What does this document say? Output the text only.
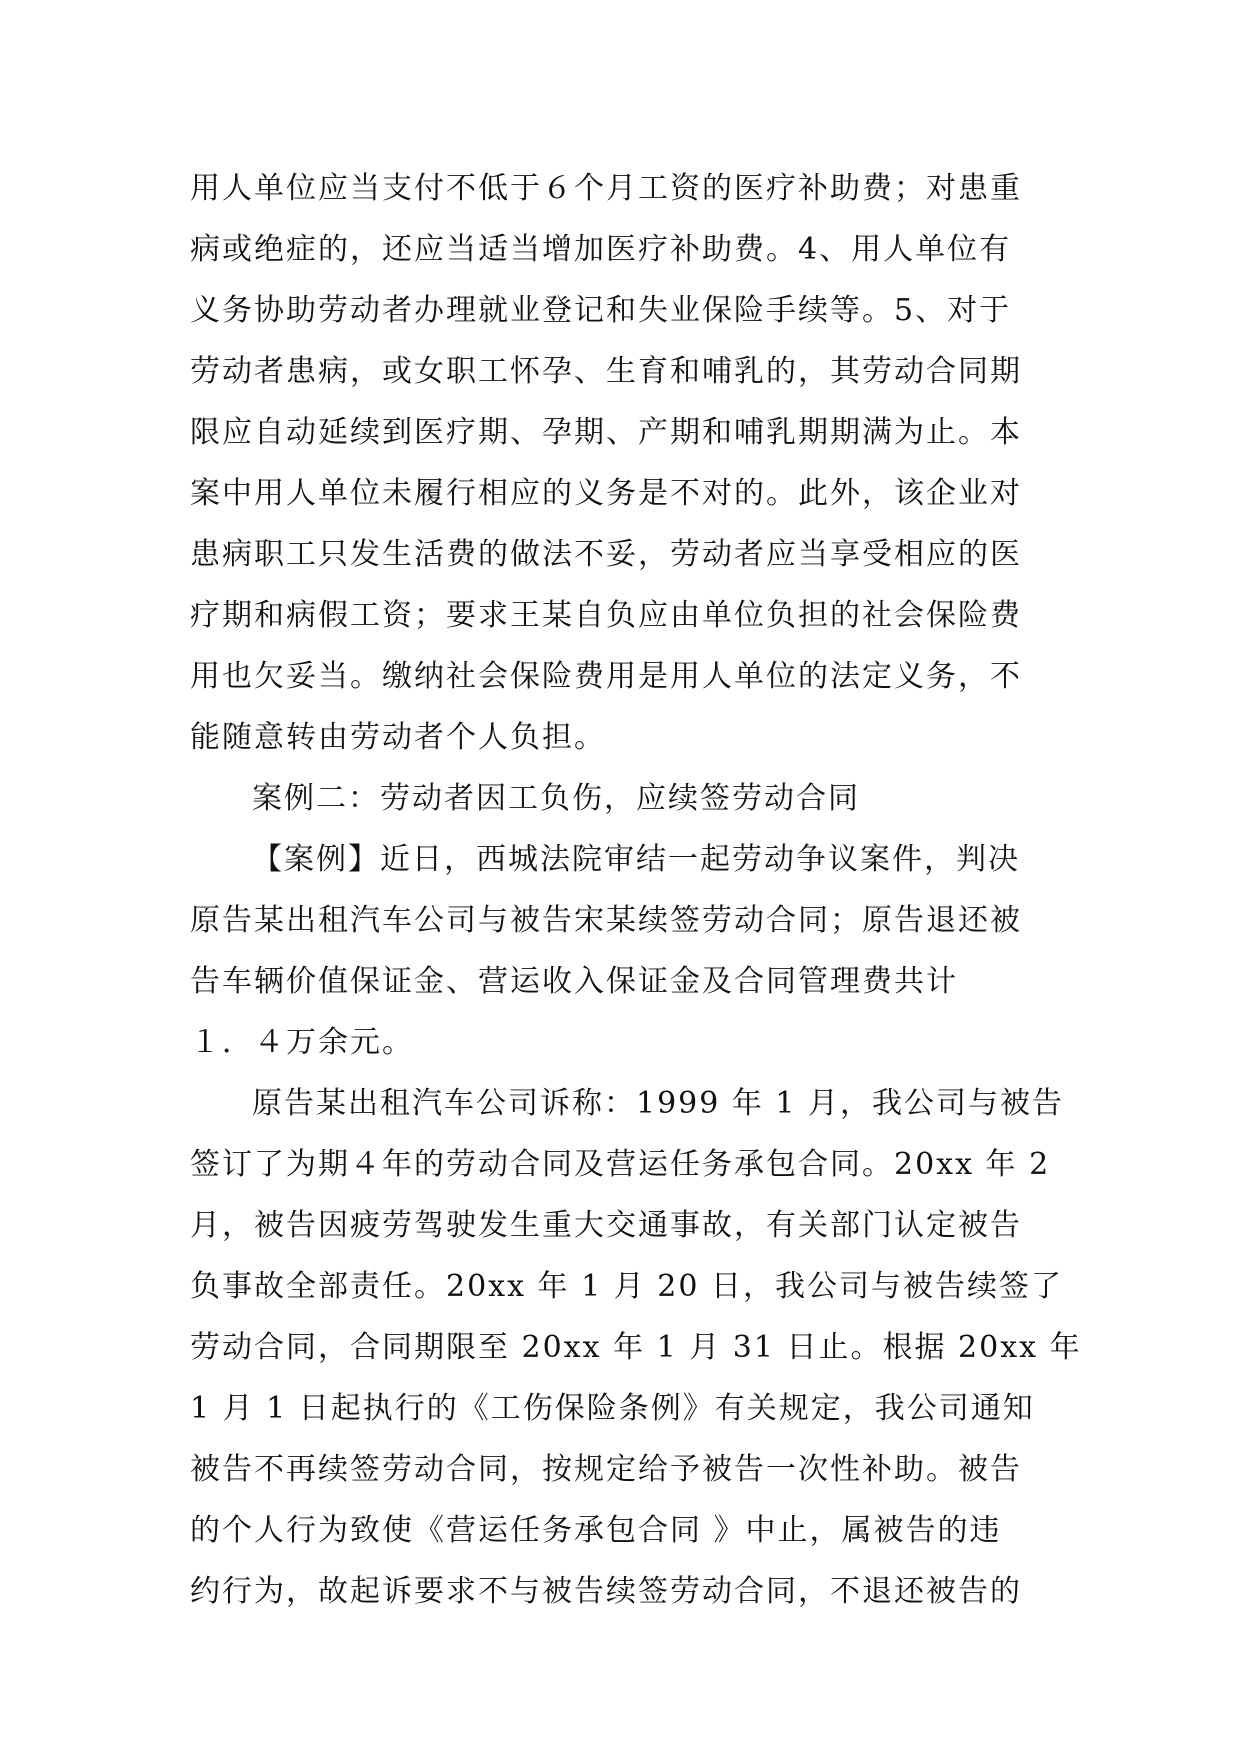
用人单位应当支付不低于６个月工资的医疗补助费；对患重
病或绝症的，还应当适当增加医疗补助费。4、用人单位有
义务协助劳动者办理就业登记和失业保险手续等。5、对于
劳动者患病，或女职工怀孕、生育和哺乳的，其劳动合同期
限应自动延续到医疗期、孕期、产期和哺乳期期满为止。本
案中用人单位未履行相应的义务是不对的。此外，该企业对
患病职工只发生活费的做法不妥，劳动者应当享受相应的医
疗期和病假工资；要求王某自负应由单位负担的社会保险费
用也欠妥当。缴纳社会保险费用是用人单位的法定义务，不
能随意转由劳动者个人负担。
案例二：劳动者因工负伤，应续签劳动合同
【案例】近日，西城法院审结一起劳动争议案件，判决
原告某出租汽车公司与被告宋某续签劳动合同；原告退还被
告车辆价值保证金、营运收入保证金及合同管理费共计
１．４万余元。
原告某出租汽车公司诉称：1999 年 1 月，我公司与被告
签订了为期４年的劳动合同及营运任务承包合同。20xx 年 2
月，被告因疲劳驾驶发生重大交通事故，有关部门认定被告
负事故全部责任。20xx 年 1 月 20 日，我公司与被告续签了
劳动合同，合同期限至 20xx 年 1 月 31 日止。根据 20xx 年
1 月 1 日起执行的《工伤保险条例》有关规定，我公司通知
被告不再续签劳动合同，按规定给予被告一次性补助。被告
的个人行为致使《营运任务承包合同 》中止，属被告的违
约行为，故起诉要求不与被告续签劳动合同，不退还被告的
